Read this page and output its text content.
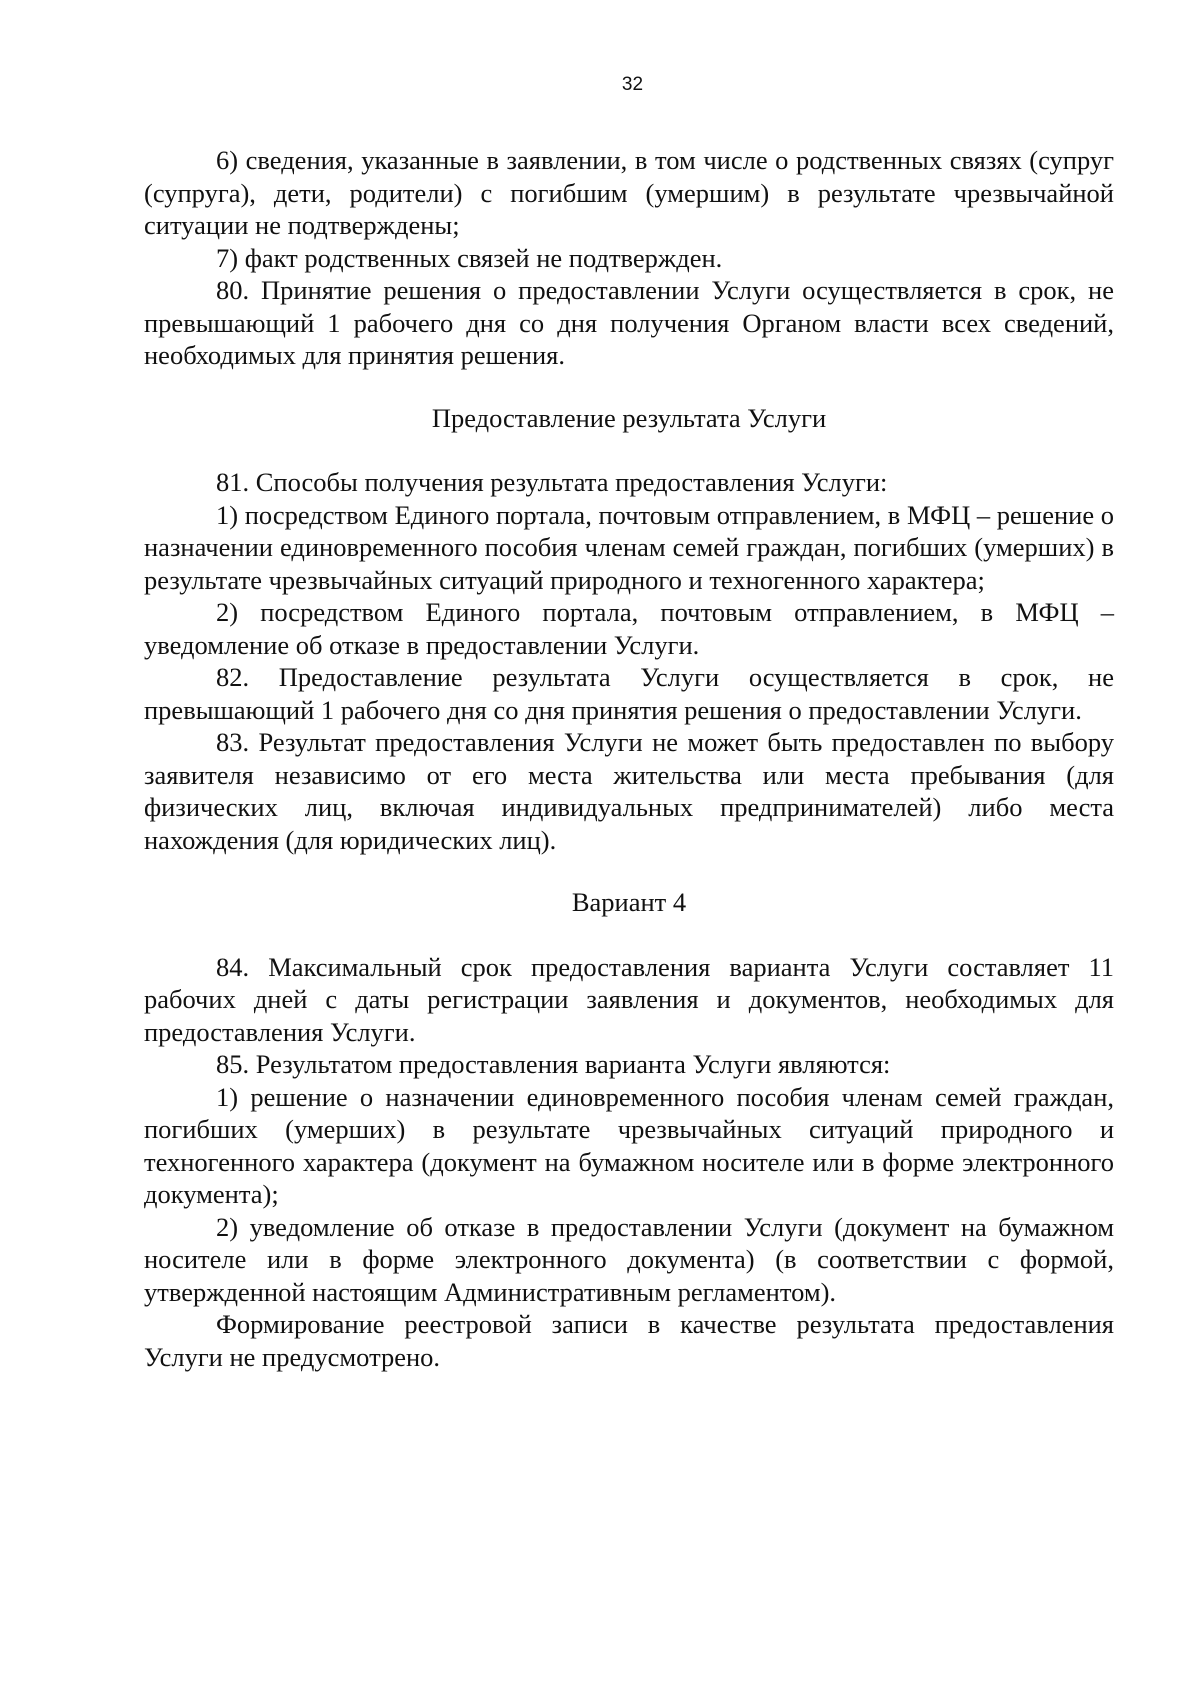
32

6) сведения, указанные в заявлении, в том числе о родственных связях (супруг (супруга), дети, родители) с погибшим (умершим) в результате чрезвычайной ситуации не подтверждены;

7) факт родственных связей не подтвержден.

80. Принятие решения о предоставлении Услуги осуществляется в срок, не превышающий 1 рабочего дня со дня получения Органом власти всех сведений, необходимых для принятия решения.

Предоставление результата Услуги

81. Способы получения результата предоставления Услуги:

1) посредством Единого портала, почтовым отправлением, в МФЦ – решение о назначении единовременного пособия членам семей граждан, погибших (умерших) в результате чрезвычайных ситуаций природного и техногенного характера;

2) посредством Единого портала, почтовым отправлением, в МФЦ – уведомление об отказе в предоставлении Услуги.

82. Предоставление результата Услуги осуществляется в срок, не превышающий 1 рабочего дня со дня принятия решения о предоставлении Услуги.

83. Результат предоставления Услуги не может быть предоставлен по выбору заявителя независимо от его места жительства или места пребывания (для физических лиц, включая индивидуальных предпринимателей) либо места нахождения (для юридических лиц).

Вариант 4

84. Максимальный срок предоставления варианта Услуги составляет 11 рабочих дней с даты регистрации заявления и документов, необходимых для предоставления Услуги.

85. Результатом предоставления варианта Услуги являются:

1) решение о назначении единовременного пособия членам семей граждан, погибших (умерших) в результате чрезвычайных ситуаций природного и техногенного характера (документ на бумажном носителе или в форме электронного документа);

2) уведомление об отказе в предоставлении Услуги (документ на бумажном носителе или в форме электронного документа) (в соответствии с формой, утвержденной настоящим Административным регламентом).

Формирование реестровой записи в качестве результата предоставления Услуги не предусмотрено.
